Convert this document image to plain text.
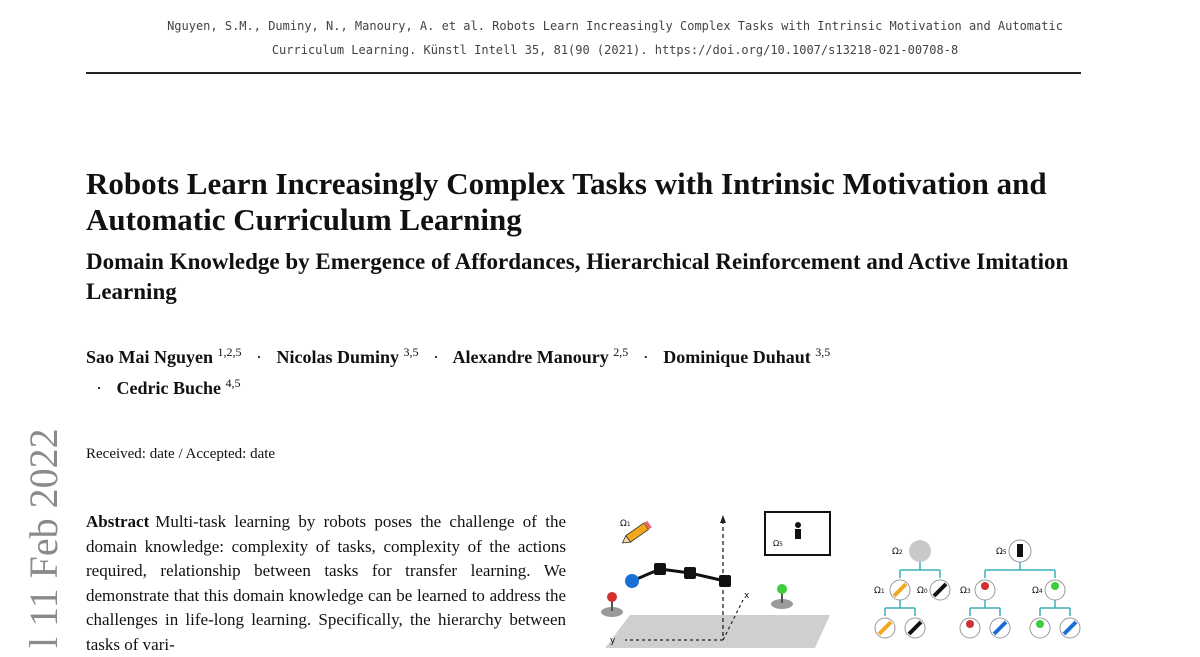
Nguyen, S.M., Duminy, N., Manoury, A. et al. Robots Learn Increasingly Complex Tasks with Intrinsic Motivation and Automatic
Curriculum Learning. Künstl Intell 35, 81(90 (2021). https://doi.org/10.1007/s13218-021-00708-8
Robots Learn Increasingly Complex Tasks with Intrinsic Motivation and Automatic Curriculum Learning
Domain Knowledge by Emergence of Affordances, Hierarchical Reinforcement and Active Imitation Learning
Sao Mai Nguyen $^{1,2,5}$ · Nicolas Duminy $^{3,5}$ · Alexandre Manoury $^{2,5}$ · Dominique Duhaut $^{3,5}$ · Cedric Buche $^{4,5}$
Received: date / Accepted: date
Abstract Multi-task learning by robots poses the challenge of the domain knowledge: complexity of tasks, complexity of the actions required, relationship between tasks for transfer learning. We demonstrate that this domain knowledge can be learned to address the challenges in life-long learning. Specifically, the hierarchy between tasks of vari-
l 11 Feb 2022	x
y
Ω1
Ω5
Ω2	Ω5
Ω1	Ω0	Ω3	Ω4
